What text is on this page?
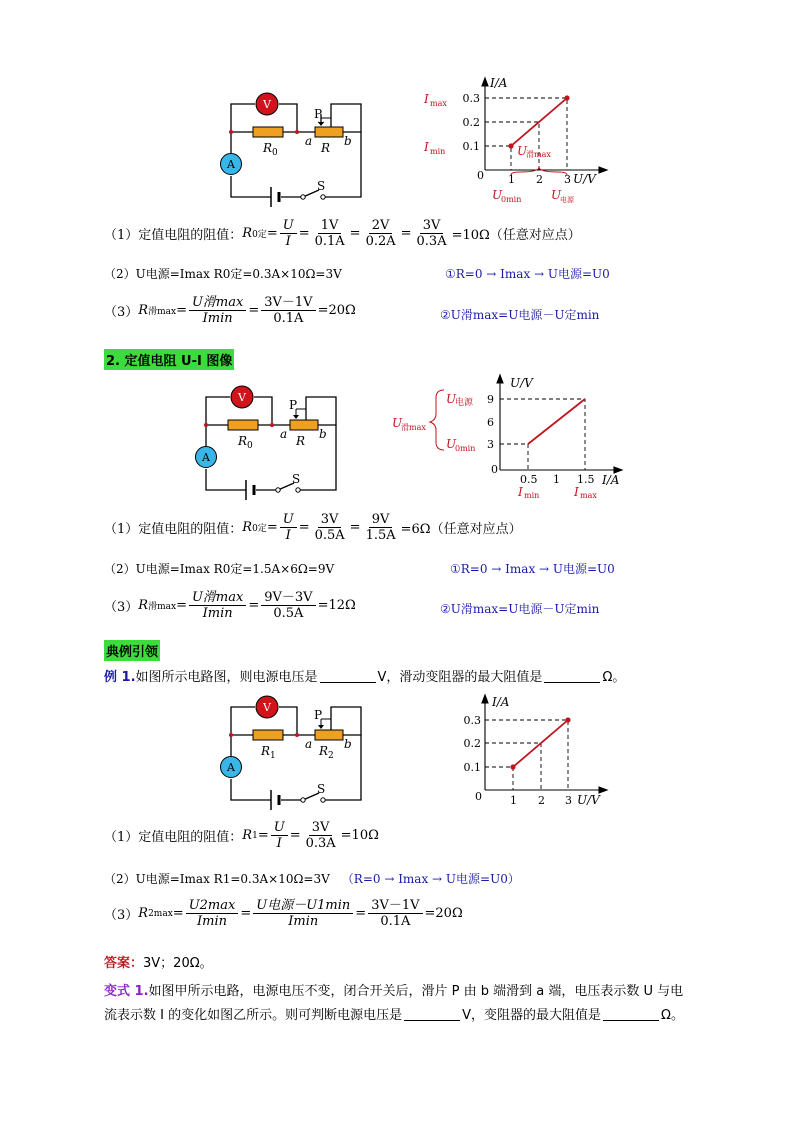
V
A
P
R 0
a R b
S
I/A
U/V
0.3
0.2
0.1
0 1 2 3
I max
I min	U
滑max
U
0min U
电源
（1）定值电阻的阻值： R 0定 = $\frac{U}{I} = \frac{1V}{0.1A} = \frac{2V}{0.2A} = \frac{3V}{0.3A} =10\Omega$（任意对应点）
（2） U电源=Imax R0定=0.3A×10Ω=3V	①R=0 → Imax → U电源=U0
（3） R 滑$\max = \frac{\text{U滑max}}{Imin} = \frac{3V-1V}{0.1A} =20\Omega$	②U滑max=U电源－U定min
2. 定值电阻 U-I 图像
V
A
P
R 0
a R b
S
U/V
I/A
9
6
3
0
0.5 1 1.5
U
滑max
U
电源
U
0min
I min	I max
（1）定值电阻的阻值： R 0定 = $\frac{U}{I} = \frac{3V}{0.5A} = \frac{9V}{1.5A} =6\Omega$（任意对应点）
（2） U电源=Imax R0定=1.5A×6Ω=9V	①R=0 → Imax → U电源=U0
（3） R 滑$\max = \frac{\text{U滑max}}{Imin} = \frac{9V-3V}{0.5A} =12\Omega$	②U滑max=U电源－U定min
典例引领
例 1. 如图所示电路图，则电源电压是	V，滑动变阻器的最大阻值是	Ω。
V
A
P
R 1
a R 2
b
S
I/A
U/V
0.3
0.2
0.1
0	1 2 3
（1）定值电阻的阻值： R $1 = \frac{U}{I} = \frac{3V}{0.3A} =10\Omega$
（2） U电源=Imax R1=0.3A×10Ω=3V （R=0 → Imax → U电源=U0）
（3） R $2\max = \frac{U2\max}{Imin} = \frac{\text{U电源－U1min}}{Imin} = \frac{3V-1V}{0.1A} =20\Omega$
答案： 3V；20Ω。
变式 1. 如图甲所示电路，电源电压不变，闭合开关后，滑片 P 由 b 端滑到 a 端，电压表示数 U 与电
流表示数 I 的变化如图乙所示。则可判断电源电压是	V，变阻器的最大阻值是	Ω。
